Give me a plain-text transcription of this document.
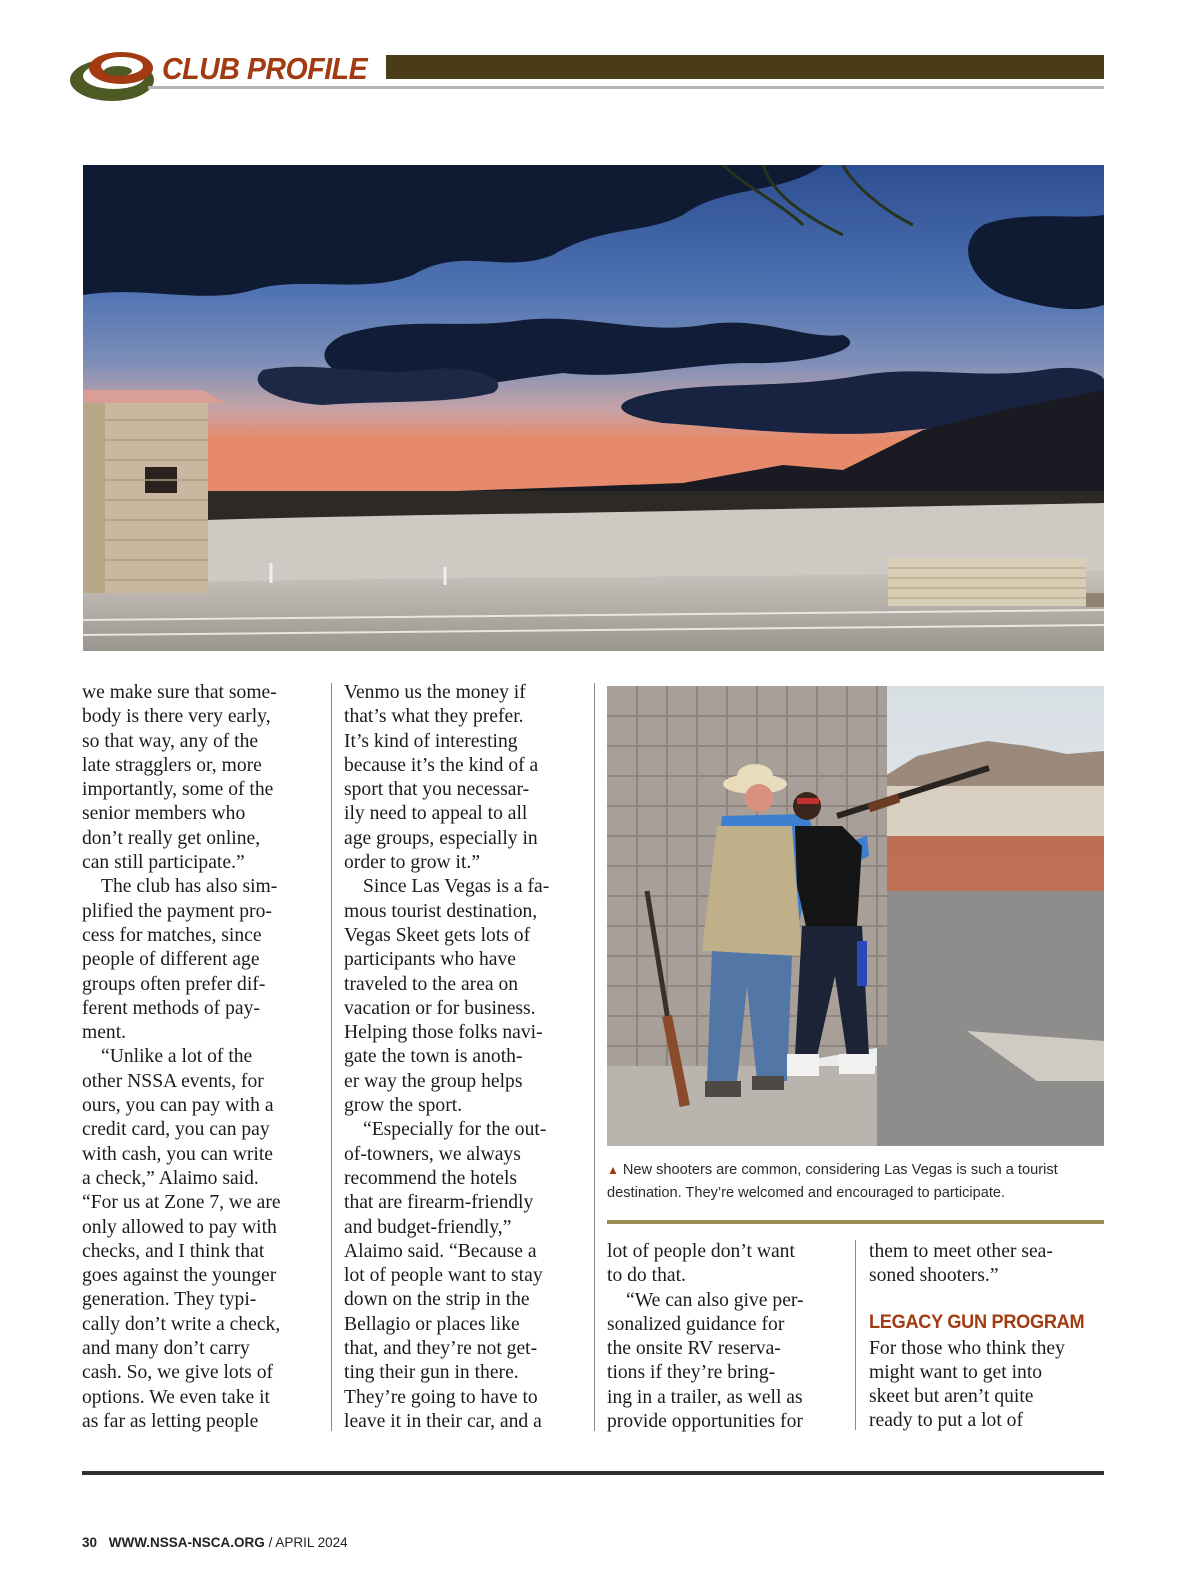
CLUB PROFILE
we make sure that some-
body is there very early,
so that way, any of the
late stragglers or, more
importantly, some of the
senior members who
don’t really get online,
can still participate.”
The club has also sim-
plified the payment pro-
cess for matches, since
people of different age
groups often prefer dif-
ferent methods of pay-
ment.
“Unlike a lot of the
other NSSA events, for
ours, you can pay with a
credit card, you can pay
with cash, you can write
a check,” Alaimo said.
“For us at Zone 7, we are
only allowed to pay with
checks, and I think that
goes against the younger
generation. They typi-
cally don’t write a check,
and many don’t carry
cash. So, we give lots of
options. We even take it
as far as letting people
Venmo us the money if
that’s what they prefer.
It’s kind of interesting
because it’s the kind of a
sport that you necessar-
ily need to appeal to all
age groups, especially in
order to grow it.”
Since Las Vegas is a fa-
mous tourist destination,
Vegas Skeet gets lots of
participants who have
traveled to the area on
vacation or for business.
Helping those folks navi-
gate the town is anoth-
er way the group helps
grow the sport.
“Especially for the out-
of-towners, we always
recommend the hotels
that are firearm-friendly
and budget-friendly,”
Alaimo said. “Because a
lot of people want to stay
down on the strip in the
Bellagio or places like
that, and they’re not get-
ting their gun in there.
They’re going to have to
leave it in their car, and a
▲ New shooters are common, considering Las Vegas is such a tourist destination. They’re welcomed and encouraged to participate.
lot of people don’t want
to do that.
“We can also give per-
sonalized guidance for
the onsite RV reserva-
tions if they’re bring-
ing in a trailer, as well as
provide opportunities for
them to meet other sea-
soned shooters.”
LEGACY GUN PROGRAM
For those who think they
might want to get into
skeet but aren’t quite
ready to put a lot of
30 WWW.NSSA-NSCA.ORG / APRIL 2024
